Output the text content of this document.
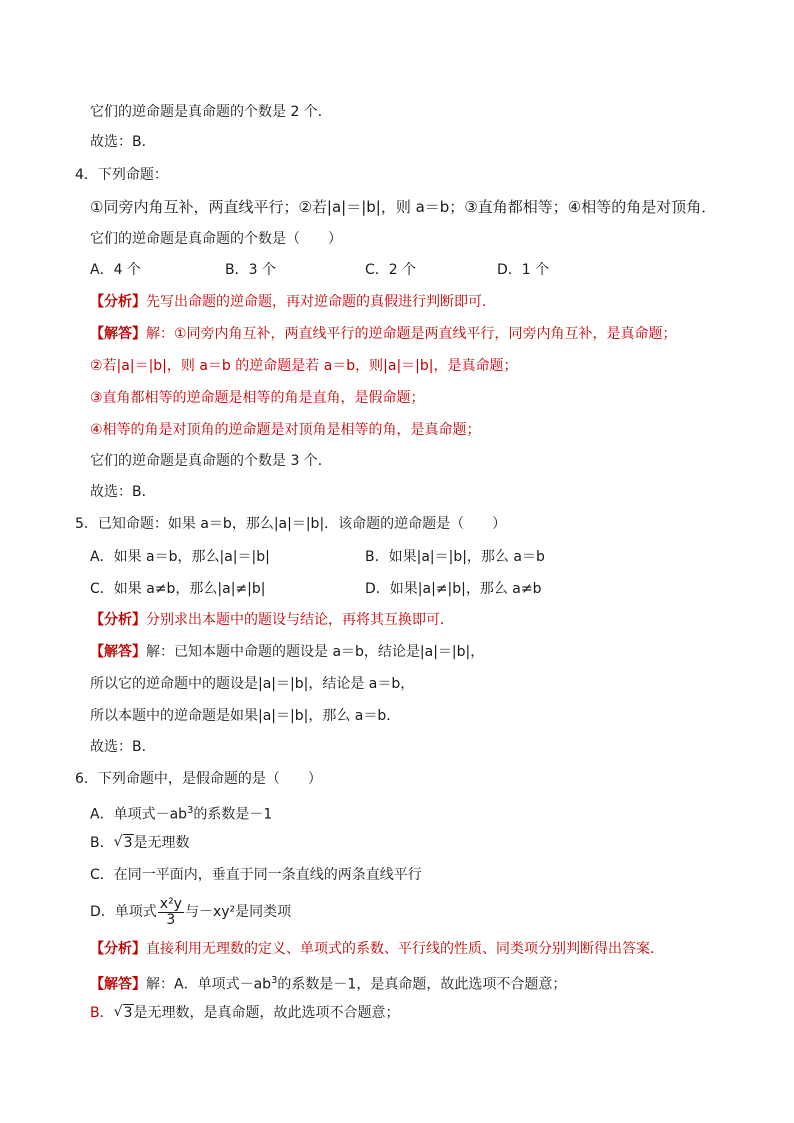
它们的逆命题是真命题的个数是 2 个．
故选：B．
4．下列命题：
①同旁内角互补，两直线平行；②若|a|＝|b|，则 a＝b；③直角都相等；④相等的角是对顶角．
它们的逆命题是真命题的个数是（　　）
A．4 个	B．3 个	C．2 个	D．1 个
【分析】先写出命题的逆命题，再对逆命题的真假进行判断即可．
【解答】解：①同旁内角互补，两直线平行的逆命题是两直线平行，同旁内角互补，是真命题；
②若|a|＝|b|，则 a＝b 的逆命题是若 a＝b，则|a|＝|b|，是真命题；
③直角都相等的逆命题是相等的角是直角，是假命题；
④相等的角是对顶角的逆命题是对顶角是相等的角，是真命题；
它们的逆命题是真命题的个数是 3 个．
故选：B．
5．已知命题：如果 a＝b，那么|a|＝|b|．该命题的逆命题是（　　）
A．如果 a＝b，那么|a|＝|b|	B．如果|a|＝|b|，那么 a＝b
C．如果 a≠b，那么|a|≠|b|	D．如果|a|≠|b|，那么 a≠b
【分析】分别求出本题中的题设与结论，再将其互换即可．
【解答】解：已知本题中命题的题设是 a＝b，结论是|a|＝|b|，
所以它的逆命题中的题设是|a|＝|b|，结论是 a＝b，
所以本题中的逆命题是如果|a|＝|b|，那么 a＝b．
故选：B．
6．下列命题中，是假命题的是（　　）
A．单项式$-ab^3$的系数是－1
B． √ 3是无理数
C．在同一平面内，垂直于同一条直线的两条直线平行
D．单项式 $\frac{\text{x²y}}{3}$ 与－xy²是同类项
【分析】直接利用无理数的定义、单项式的系数、平行线的性质、同类项分别判断得出答案．
【解答】解：A．单项式$-ab^3$的系数是－1，是真命题，故此选项不合题意；
B． √ 3是无理数，是真命题，故此选项不合题意；
